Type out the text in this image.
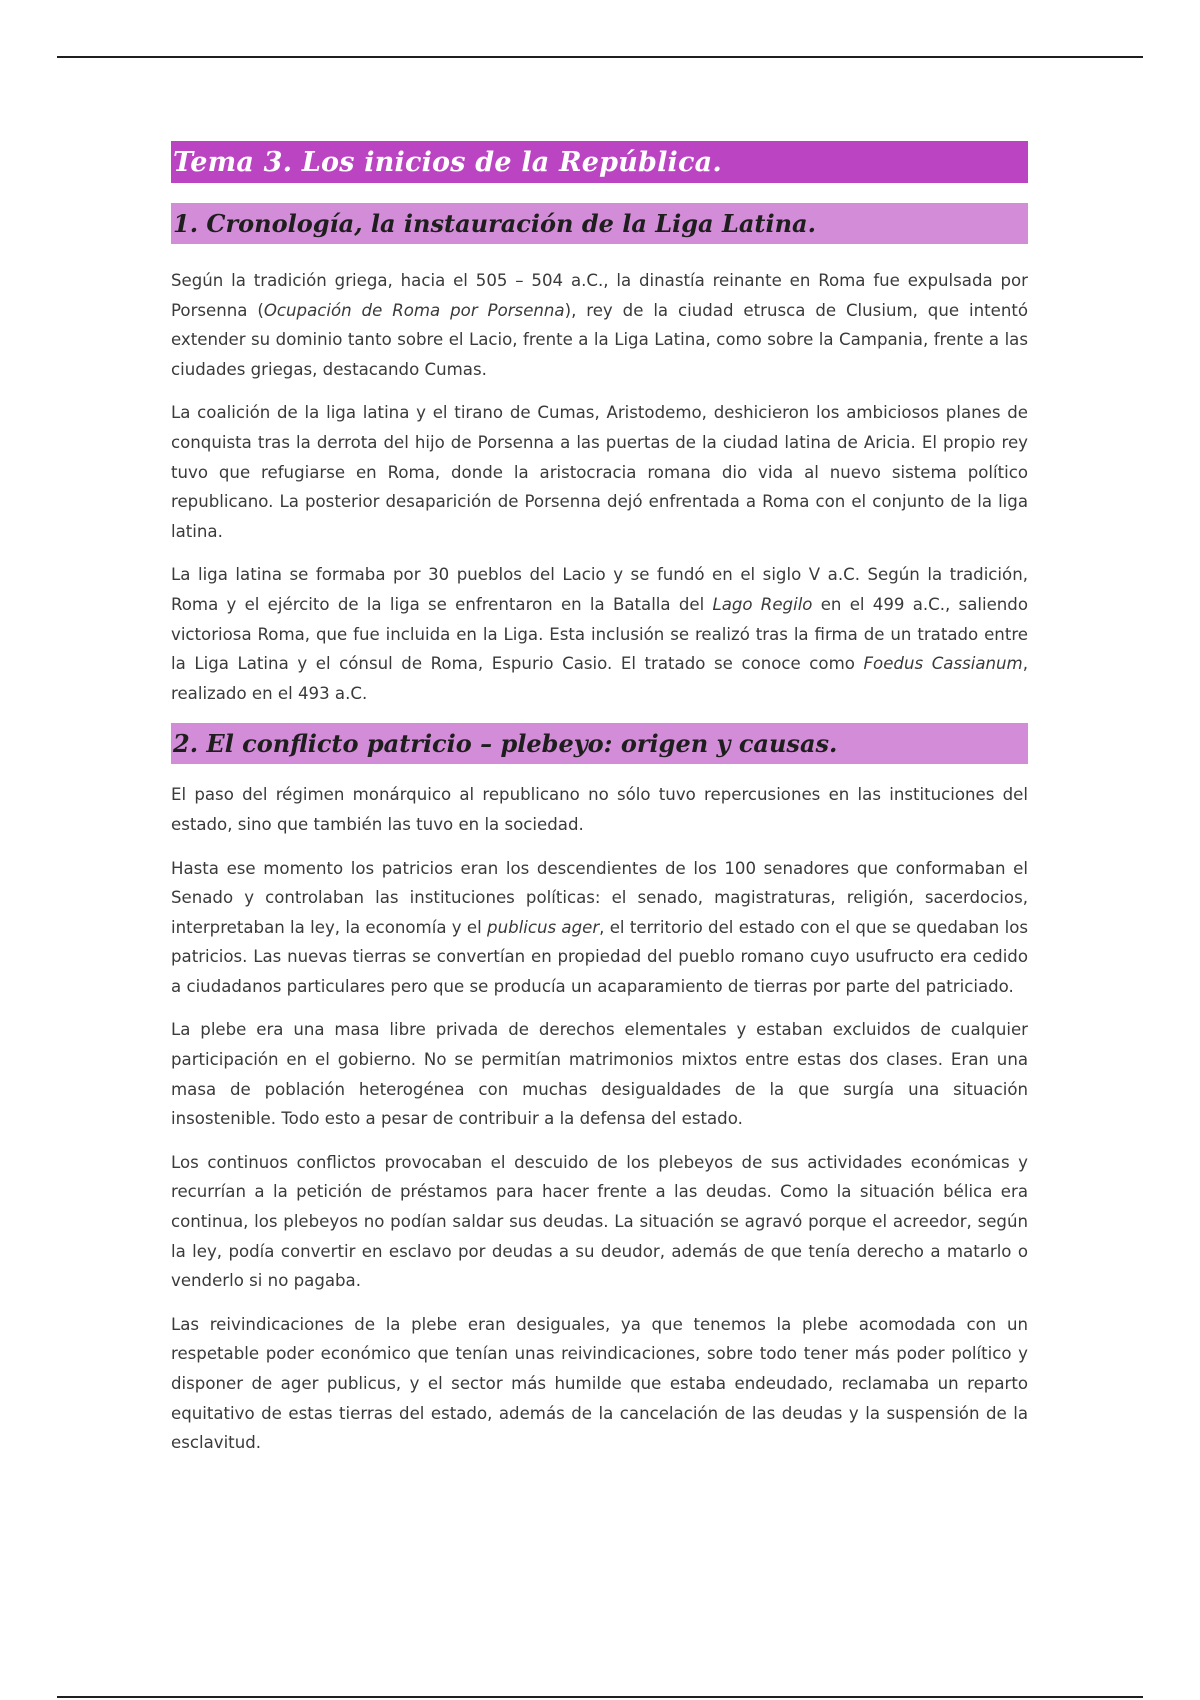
Tema 3. Los inicios de la República.
1. Cronología, la instauración de la Liga Latina.

Según la tradición griega, hacia el 505 – 504 a.C., la dinastía reinante en Roma fue expulsada por Porsenna (Ocupación de Roma por Porsenna), rey de la ciudad etrusca de Clusium, que intentó extender su dominio tanto sobre el Lacio, frente a la Liga Latina, como sobre la Campania, frente a las ciudades griegas, destacando Cumas.

La coalición de la liga latina y el tirano de Cumas, Aristodemo, deshicieron los ambiciosos planes de conquista tras la derrota del hijo de Porsenna a las puertas de la ciudad latina de Aricia. El propio rey tuvo que refugiarse en Roma, donde la aristocracia romana dio vida al nuevo sistema político republicano. La posterior desaparición de Porsenna dejó enfrentada a Roma con el conjunto de la liga latina.

La liga latina se formaba por 30 pueblos del Lacio y se fundó en el siglo V a.C. Según la tradición, Roma y el ejército de la liga se enfrentaron en la Batalla del Lago Regilo en el 499 a.C., saliendo victoriosa Roma, que fue incluida en la Liga. Esta inclusión se realizó tras la firma de un tratado entre la Liga Latina y el cónsul de Roma, Espurio Casio. El tratado se conoce como Foedus Cassianum, realizado en el 493 a.C.

2. El conflicto patricio – plebeyo: origen y causas.

El paso del régimen monárquico al republicano no sólo tuvo repercusiones en las instituciones del estado, sino que también las tuvo en la sociedad.

Hasta ese momento los patricios eran los descendientes de los 100 senadores que conformaban el Senado y controlaban las instituciones políticas: el senado, magistraturas, religión, sacerdocios, interpretaban la ley, la economía y el publicus ager, el territorio del estado con el que se quedaban los patricios. Las nuevas tierras se convertían en propiedad del pueblo romano cuyo usufructo era cedido a ciudadanos particulares pero que se producía un acaparamiento de tierras por parte del patriciado.

La plebe era una masa libre privada de derechos elementales y estaban excluidos de cualquier participación en el gobierno. No se permitían matrimonios mixtos entre estas dos clases. Eran una masa de población heterogénea con muchas desigualdades de la que surgía una situación insostenible. Todo esto a pesar de contribuir a la defensa del estado.

Los continuos conflictos provocaban el descuido de los plebeyos de sus actividades económicas y recurrían a la petición de préstamos para hacer frente a las deudas. Como la situación bélica era continua, los plebeyos no podían saldar sus deudas. La situación se agravó porque el acreedor, según la ley, podía convertir en esclavo por deudas a su deudor, además de que tenía derecho a matarlo o venderlo si no pagaba.

Las reivindicaciones de la plebe eran desiguales, ya que tenemos la plebe acomodada con un respetable poder económico que tenían unas reivindicaciones, sobre todo tener más poder político y disponer de ager publicus, y el sector más humilde que estaba endeudado, reclamaba un reparto equitativo de estas tierras del estado, además de la cancelación de las deudas y la suspensión de la esclavitud.
